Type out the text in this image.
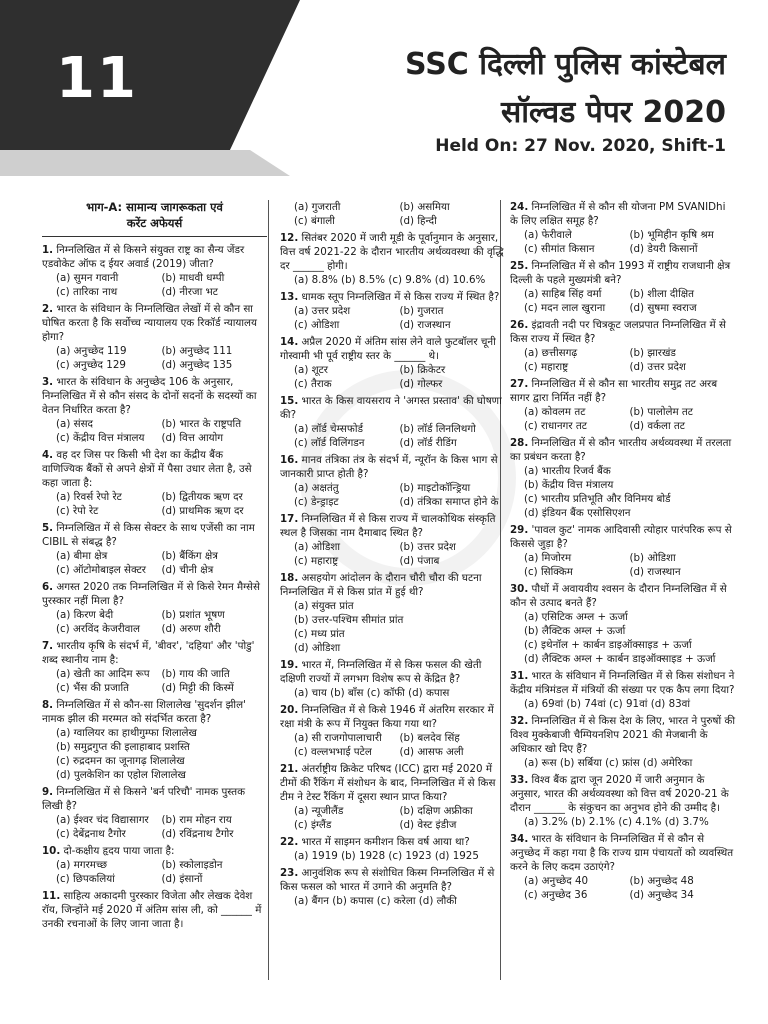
11	SSC दिल्ली पुलिस कांस्टेबल
सॉल्वड पेपर 2020
Held On: 27 Nov. 2020, Shift-1
भाग-A: सामान्य जागरूकता एवं
करेंट अफेयर्स
1. निम्नलिखित में से किसने संयुक्त राष्ट्र का सैन्य जेंडर एडवोकेट ऑफ द ईयर अवार्ड (2019) जीता?
(a) सुमन गवानी	(b) माधवी धम्पी
(c) तारिका नाथ	(d) नीरजा भट
2. भारत के संविधान के निम्नलिखित लेखों में से कौन सा घोषित करता है कि सर्वोच्च न्यायालय एक रिकॉर्ड न्यायालय होगा?
(a) अनुच्छेद 119	(b) अनुच्छेद 111
(c) अनुच्छेद 129	(d) अनुच्छेद 135
3. भारत के संविधान के अनुच्छेद 106 के अनुसार, निम्नलिखित में से कौन संसद के दोनों सदनों के सदस्यों का वेतन निर्धारित करता है?
(a) संसद	(b) भारत के राष्ट्रपति
(c) केंद्रीय वित्त मंत्रालय	(d) वित्त आयोग
4. वह दर जिस पर किसी भी देश का केंद्रीय बैंक वाणिज्यिक बैंकों से अपने क्षेत्रों में पैसा उधार लेता है, उसे कहा जाता है:
(a) रिवर्स रेपो रेट	(b) द्वितीयक ऋण दर
(c) रेपो रेट	(d) प्राथमिक ऋण दर
5. निम्नलिखित में से किस सेक्टर के साथ एजेंसी का नाम CIBIL से संबद्ध है?
(a) बीमा क्षेत्र	(b) बैंकिंग क्षेत्र
(c) ऑटोमोबाइल सेक्टर	(d) चीनी क्षेत्र
6. अगस्त 2020 तक निम्नलिखित में से किसे रेमन मैग्सेसे पुरस्कार नहीं मिला है?
(a) किरण बेदी	(b) प्रशांत भूषण
(c) अरविंद केजरीवाल	(d) अरुण शौरी
7. भारतीय कृषि के संदर्भ में, 'बीवर', 'दहिया' और 'पोडु' शब्द स्थानीय नाम है:
(a) खेती का आदिम रूप	(b) गाय की जाति
(c) भैंस की प्रजाति	(d) मिट्टी की किस्में
8. निम्नलिखित में से कौन-सा शिलालेख 'सुदर्शन झील' नामक झील की मरम्मत को संदर्भित करता है?
(a) ग्वालियर का हाथीगुम्फा शिलालेख
(b) समुद्रगुप्त की इलाहाबाद प्रशस्ति
(c) रुद्रदमन का जूनागढ़ शिलालेख
(d) पुलकेशिन का एहोल शिलालेख
9. निम्नलिखित में से किसने 'बर्न परिचौ' नामक पुस्तक लिखी है?
(a) ईश्वर चंद विद्यासागर	(b) राम मोहन राय
(c) देबेंद्रनाथ टैगोर	(d) रविंद्रनाथ टैगोर
10. दो-कक्षीय हृदय पाया जाता है:
(a) मगरमच्छ	(b) स्कोलाइडोन
(c) छिपकलियां	(d) इंसानों
11. साहित्य अकादमी पुरस्कार विजेता और लेखक देवेश रॉय, जिन्होंने मई 2020 में अंतिम सांस ली, को ______ में उनकी रचनाओं के लिए जाना जाता है।
(a) गुजराती	(b) असमिया
(c) बंगाली	(d) हिन्दी
12. सितंबर 2020 में जारी मूडी के पूर्वानुमान के अनुसार, वित्त वर्ष 2021-22 के दौरान भारतीय अर्थव्यवस्था की वृद्धि दर ______ होगी।
(a) 8.8% (b) 8.5% (c) 9.8% (d) 10.6%
13. धामक स्तूप निम्नलिखित में से किस राज्य में स्थित है?
(a) उत्तर प्रदेश	(b) गुजरात
(c) ओडिशा	(d) राजस्थान
14. अप्रैल 2020 में अंतिम सांस लेने वाले फुटबॉलर चूनी गोस्वामी भी पूर्व राष्ट्रीय स्तर के ______ थे।
(a) शूटर	(b) क्रिकेटर
(c) तैराक	(d) गोल्फर
15. भारत के किस वायसराय ने 'अगस्त प्रस्ताव' की घोषणा की?
(a) लॉर्ड चेम्सफोर्ड	(b) लॉर्ड लिनलिथगो
(c) लॉर्ड विलिंगडन	(d) लॉर्ड रीडिंग
16. मानव तंत्रिका तंत्र के संदर्भ में, न्यूरॉन के किस भाग से जानकारी प्राप्त होती है?
(a) अक्षतंतु	(b) माइटोकॉन्ड्रिया
(c) डेन्ड्राइट	(d) तंत्रिका समाप्त होने के
17. निम्नलिखित में से किस राज्य में चालकोथिक संस्कृति स्थल है जिसका नाम दैमाबाद स्थित है?
(a) ओडिशा	(b) उत्तर प्रदेश
(c) महाराष्ट्र	(d) पंजाब
18. असहयोग आंदोलन के दौरान चौरी चौरा की घटना निम्नलिखित में से किस प्रांत में हुई थी?
(a) संयुक्त प्रांत
(b) उत्तर-पश्चिम सीमांत प्रांत
(c) मध्य प्रांत
(d) ओडिशा
19. भारत में, निम्नलिखित में से किस फसल की खेती दक्षिणी राज्यों में लगभग विशेष रूप से केंद्रित है?
(a) चाय (b) बाँस (c) कॉफी (d) कपास
20. निम्नलिखित में से किसे 1946 में अंतरिम सरकार में रक्षा मंत्री के रूप में नियुक्त किया गया था?
(a) सी राजगोपालाचारी	(b) बलदेव सिंह
(c) वल्लभभाई पटेल	(d) आसफ अली
21. अंतर्राष्ट्रीय क्रिकेट परिषद (ICC) द्वारा मई 2020 में टीमों की रैंकिंग में संशोधन के बाद, निम्नलिखित में से किस टीम ने टेस्ट रैंकिंग में दूसरा स्थान प्राप्त किया?
(a) न्यूजीलैंड	(b) दक्षिण अफ्रीका
(c) इंग्लैंड	(d) वेस्ट इंडीज
22. भारत में साइमन कमीशन किस वर्ष आया था?
(a) 1919 (b) 1928 (c) 1923 (d) 1925
23. आनुवंशिक रूप से संशोधित किस्म निम्नलिखित में से किस फसल को भारत में उगाने की अनुमति है?
(a) बैंगन (b) कपास (c) करेला (d) लौकी
24. निम्नलिखित में से कौन सी योजना PM SVANIDhi के लिए लक्षित समूह है?
(a) फेरीवाले	(b) भूमिहीन कृषि श्रम
(c) सीमांत किसान	(d) डेयरी किसानों
25. निम्नलिखित में से कौन 1993 में राष्ट्रीय राजधानी क्षेत्र दिल्ली के पहले मुख्यमंत्री बने?
(a) साहिब सिंह वर्मा	(b) शीला दीक्षित
(c) मदन लाल खुराना	(d) सुषमा स्वराज
26. इंद्रावती नदी पर चित्रकूट जलप्रपात निम्नलिखित में से किस राज्य में स्थित है?
(a) छत्तीसगढ़	(b) झारखंड
(c) महाराष्ट्र	(d) उत्तर प्रदेश
27. निम्नलिखित में से कौन सा भारतीय समुद्र तट अरब सागर द्वारा निर्मित नहीं है?
(a) कोवलम तट	(b) पालोलेम तट
(c) राधानगर तट	(d) वर्कला तट
28. निम्नलिखित में से कौन भारतीय अर्थव्यवस्था में तरलता का प्रबंधन करता है?
(a) भारतीय रिजर्व बैंक
(b) केंद्रीय वित्त मंत्रालय
(c) भारतीय प्रतिभूति और विनिमय बोर्ड
(d) इंडियन बैंक एसोसिएशन
29. 'पावल कुट' नामक आदिवासी त्योहार पारंपरिक रूप से किससे जुड़ा है?
(a) मिजोरम	(b) ओडिशा
(c) सिक्किम	(d) राजस्थान
30. पौधों में अवायवीय श्वसन के दौरान निम्नलिखित में से कौन से उत्पाद बनते हैं?
(a) एसिटिक अम्ल + ऊर्जा
(b) लैक्टिक अम्ल + ऊर्जा
(c) इथेनॉल + कार्बन डाइऑक्साइड + ऊर्जा
(d) लैक्टिक अम्ल + कार्बन डाइऑक्साइड + ऊर्जा
31. भारत के संविधान में निम्नलिखित में से किस संशोधन ने केंद्रीय मंत्रिमंडल में मंत्रियों की संख्या पर एक कैप लगा दिया?
(a) 69वां (b) 74वां (c) 91वां (d) 83वां
32. निम्नलिखित में से किस देश के लिए, भारत ने पुरुषों की विश्व मुक्केबाजी चैम्पियनशिप 2021 की मेजबानी के अधिकार खो दिए हैं?
(a) रूस (b) सर्बिया (c) फ्रांस (d) अमेरिका
33. विश्व बैंक द्वारा जून 2020 में जारी अनुमान के अनुसार, भारत की अर्थव्यवस्था को वित्त वर्ष 2020-21 के दौरान ______ के संकुचन का अनुभव होने की उम्मीद है।
(a) 3.2% (b) 2.1% (c) 4.1% (d) 3.7%
34. भारत के संविधान के निम्नलिखित में से कौन से अनुच्छेद में कहा गया है कि राज्य ग्राम पंचायतों को व्यवस्थित करने के लिए कदम उठाएंगे?
(a) अनुच्छेद 40	(b) अनुच्छेद 48
(c) अनुच्छेद 36	(d) अनुच्छेद 34
